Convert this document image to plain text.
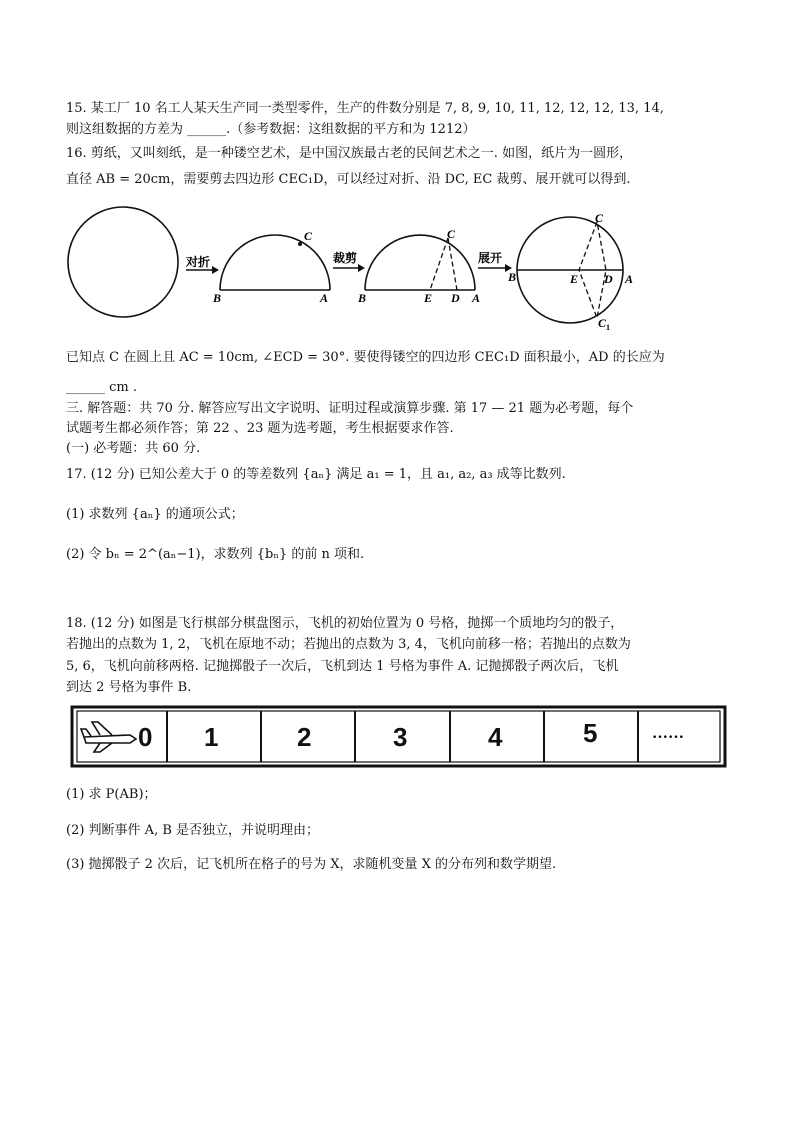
15. 某工厂 10 名工人某天生产同一类型零件，生产的件数分别是 7, 8, 9, 10, 11, 12, 12, 12, 13, 14,
则这组数据的方差为 ______.（参考数据：这组数据的平方和为 1212）
16. 剪纸，又叫刻纸，是一种镂空艺术，是中国汉族最古老的民间艺术之一. 如图，纸片为一圆形，
直径 AB = 20cm，需要剪去四边形 CEC₁D，可以经过对折、沿 DC, EC 裁剪、展开就可以得到.
对折
C
B	A
裁剪
C
B	E D A
展开
C
B	E D A
C 1
0 1	2	3	4	5	······
已知点 C 在圆上且 AC = 10cm, ∠ECD = 30°. 要使得镂空的四边形 CEC₁D 面积最小，AD 的长应为
______ cm .
三. 解答题：共 70 分. 解答应写出文字说明、证明过程或演算步骤. 第 17 — 21 题为必考题，每个
试题考生都必须作答；第 22 、23 题为选考题，考生根据要求作答.
(一) 必考题：共 60 分.
17. (12 分) 已知公差大于 0 的等差数列 {aₙ} 满足 a₁ = 1，且 a₁, a₂, a₃ 成等比数列.
(1) 求数列 {aₙ} 的通项公式；
(2) 令 bₙ = 2^(aₙ−1)，求数列 {bₙ} 的前 n 项和.
18. (12 分) 如图是飞行棋部分棋盘图示，飞机的初始位置为 0 号格，抛掷一个质地均匀的骰子，
若抛出的点数为 1, 2，飞机在原地不动；若抛出的点数为 3, 4，飞机向前移一格；若抛出的点数为
5, 6，飞机向前移两格. 记抛掷骰子一次后，飞机到达 1 号格为事件 A. 记抛掷骰子两次后，飞机
到达 2 号格为事件 B.
(1) 求 P(AB)；
(2) 判断事件 A, B 是否独立，并说明理由；
(3) 抛掷骰子 2 次后，记飞机所在格子的号为 X，求随机变量 X 的分布列和数学期望.
